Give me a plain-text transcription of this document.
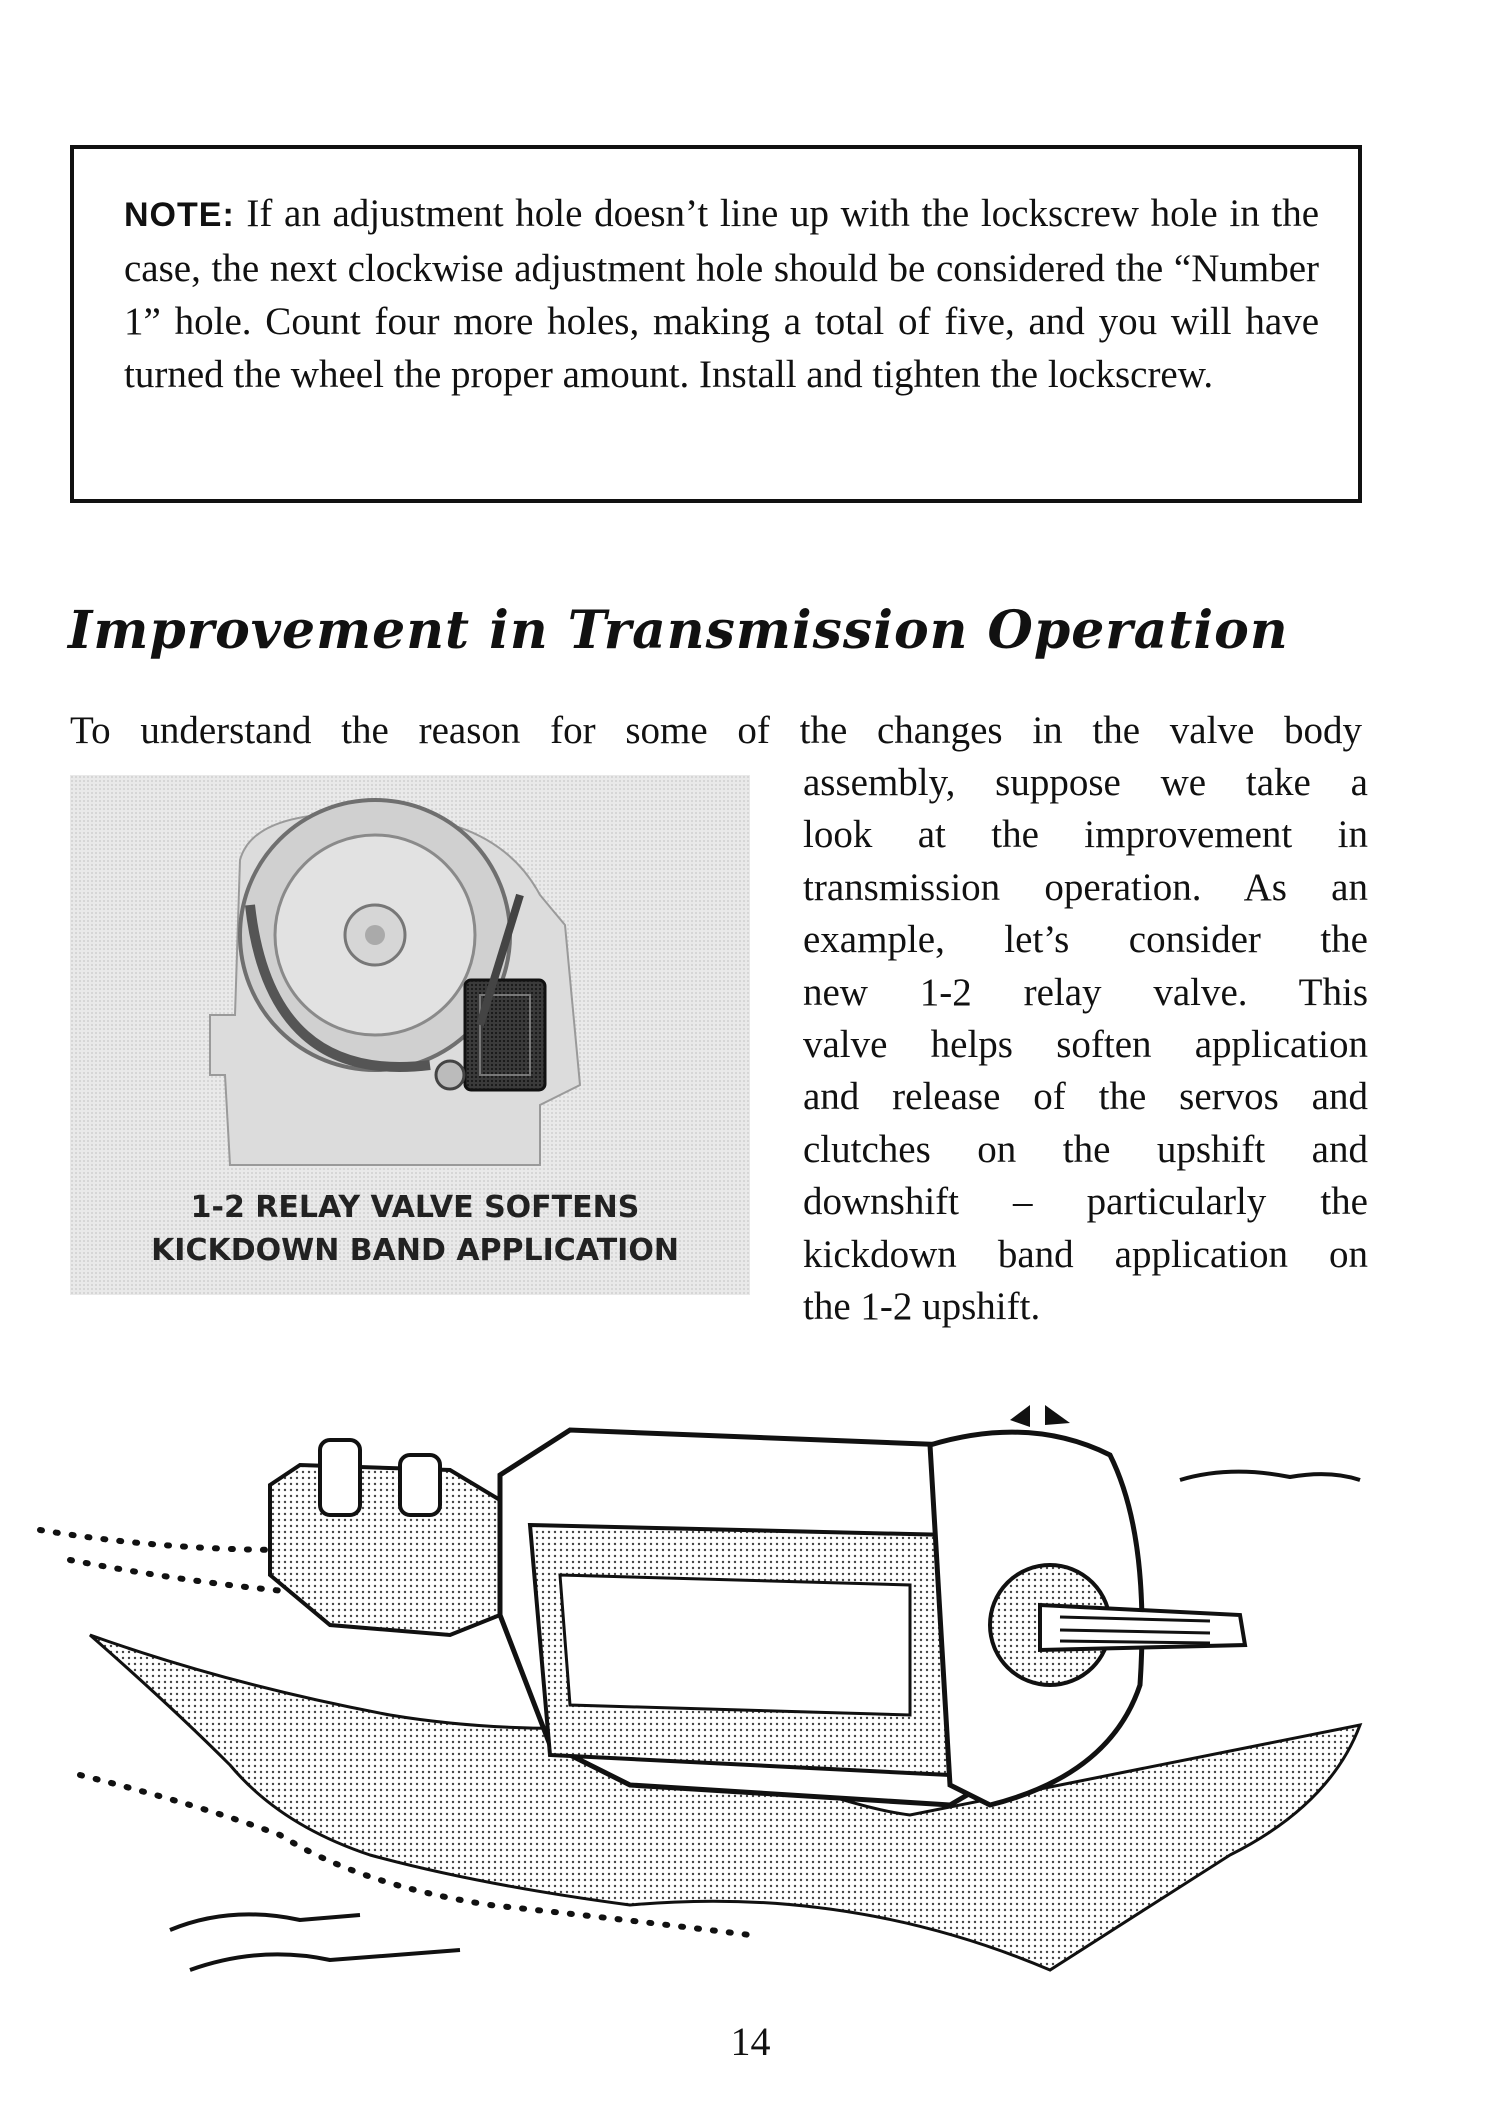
NOTE: If an adjustment hole doesn’t line up with the lockscrew hole in the case, the next clockwise adjustment hole should be considered the “Number 1” hole. Count four more holes, making a total of five, and you will have turned the wheel the proper amount. Install and tighten the lockscrew.
Improvement in Transmission Operation
To understand the reason for some of the changes in the valve body
1-2 RELAY VALVE SOFTENS
KICKDOWN BAND APPLICATION
assembly, suppose we take a
look at the improvement in
transmission operation. As an
example, let’s consider the
new 1-2 relay valve. This
valve helps soften application
and release of the servos and
clutches on the upshift and
downshift – particularly the
kickdown band application on
the 1-2 upshift.
14
